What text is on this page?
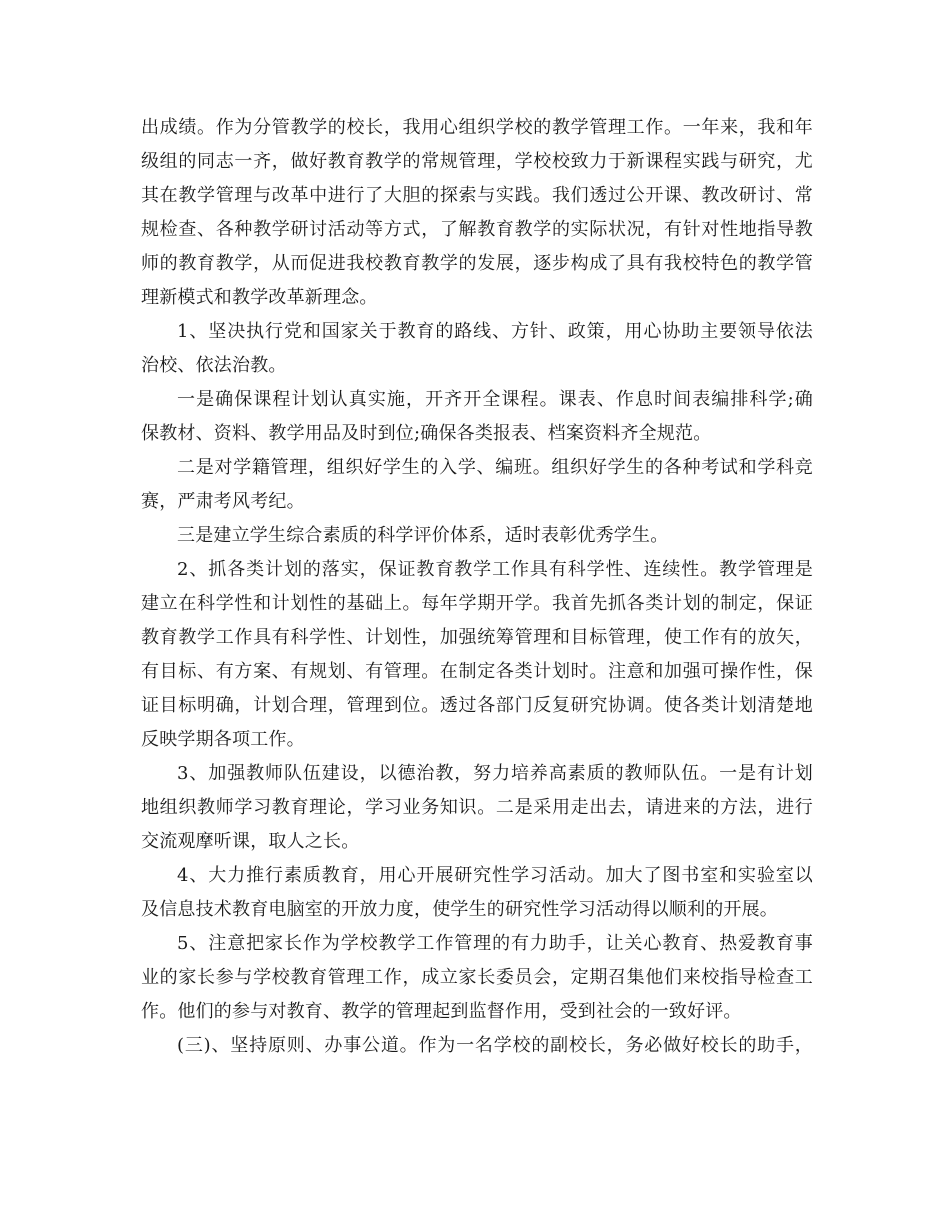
出成绩。作为分管教学的校长，我用心组织学校的教学管理工作。一年来，我和年
级组的同志一齐，做好教育教学的常规管理，学校校致力于新课程实践与研究，尤
其在教学管理与改革中进行了大胆的探索与实践。我们透过公开课、教改研讨、常
规检查、各种教学研讨活动等方式，了解教育教学的实际状况，有针对性地指导教
师的教育教学，从而促进我校教育教学的发展，逐步构成了具有我校特色的教学管
理新模式和教学改革新理念。
1、坚决执行党和国家关于教育的路线、方针、政策，用心协助主要领导依法
治校、依法治教。
一是确保课程计划认真实施，开齐开全课程。课表、作息时间表编排科学;确
保教材、资料、教学用品及时到位;确保各类报表、档案资料齐全规范。
二是对学籍管理，组织好学生的入学、编班。组织好学生的各种考试和学科竞
赛，严肃考风考纪。
三是建立学生综合素质的科学评价体系，适时表彰优秀学生。
2、抓各类计划的落实，保证教育教学工作具有科学性、连续性。教学管理是
建立在科学性和计划性的基础上。每年学期开学。我首先抓各类计划的制定，保证
教育教学工作具有科学性、计划性，加强统筹管理和目标管理，使工作有的放矢，
有目标、有方案、有规划、有管理。在制定各类计划时。注意和加强可操作性，保
证目标明确，计划合理，管理到位。透过各部门反复研究协调。使各类计划清楚地
反映学期各项工作。
3、加强教师队伍建设，以德治教，努力培养高素质的教师队伍。一是有计划
地组织教师学习教育理论，学习业务知识。二是采用走出去，请进来的方法，进行
交流观摩听课，取人之长。
4、大力推行素质教育，用心开展研究性学习活动。加大了图书室和实验室以
及信息技术教育电脑室的开放力度，使学生的研究性学习活动得以顺利的开展。
5、注意把家长作为学校教学工作管理的有力助手，让关心教育、热爱教育事
业的家长参与学校教育管理工作，成立家长委员会，定期召集他们来校指导检查工
作。他们的参与对教育、教学的管理起到监督作用，受到社会的一致好评。
(三)、坚持原则、办事公道。作为一名学校的副校长，务必做好校长的助手，
